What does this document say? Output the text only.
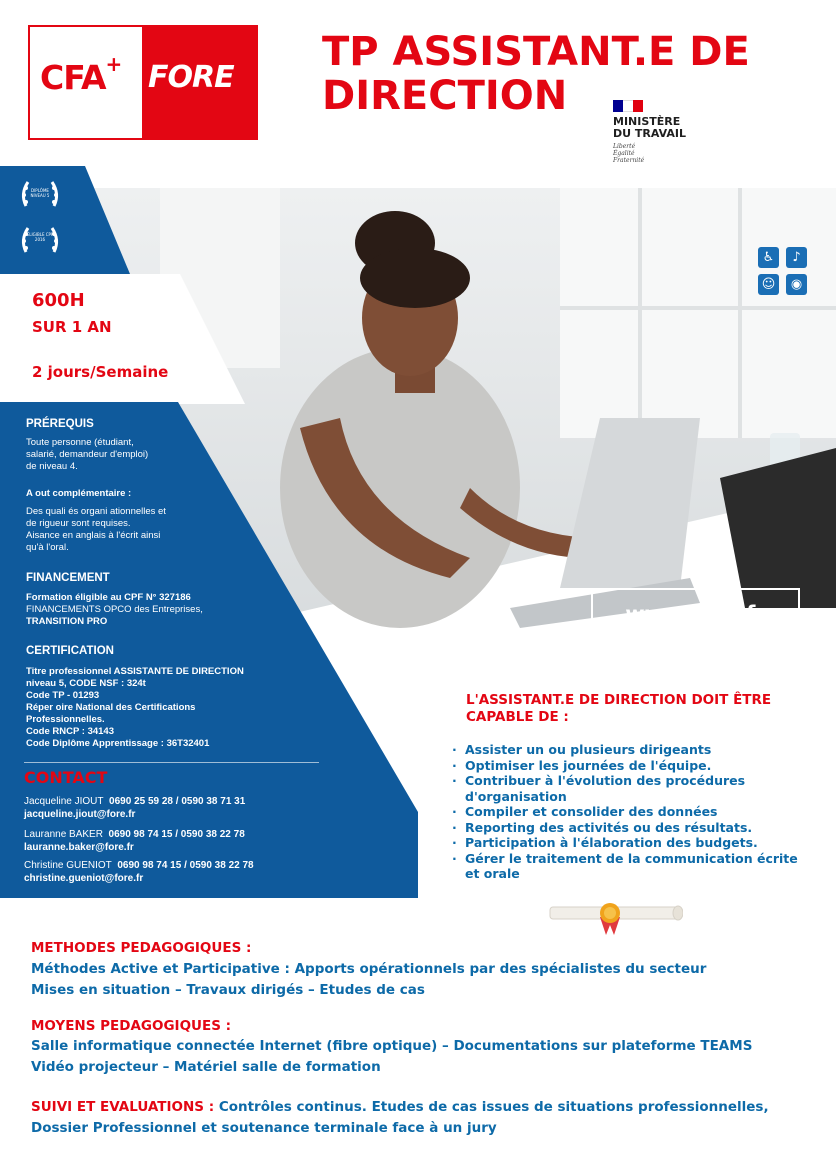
CFA+ FORE
TP ASSISTANT.E DE
DIRECTION
MINISTÈRE
DU TRAVAIL
Liberté
Égalité
Fraternité
DIPLÔME NIVEAU 5
ÉLIGIBLE CPF 2016
600H
SUR 1 AN
2 jours/Semaine
PRÉREQUIS
Toute personne (étudiant,
salarié, demandeur d'emploi)
de niveau 4.
A out complémentaire :
Des quali és organi ationnelles et
de rigueur sont requises.
Aisance en anglais à l'écrit ainsi
qu'à l'oral.
FINANCEMENT
Formation éligible au CPF N° 327186
FINANCEMENTS OPCO des Entreprises,
TRANSITION PRO
CERTIFICATION
Titre professionnel ASSISTANTE DE DIRECTION
niveau 5, CODE NSF : 324t
Code TP - 01293
Réper oire National des Certifications
Professionnelles.
Code RNCP : 34143
Code Diplôme Apprentissage : 36T32401
CONTACT
Jacqueline JIOUT 0690 25 59 28 / 0590 38 71 31
jacqueline.jiout@fore.fr
Lauranne BAKER 0690 98 74 15 / 0590 38 22 78
lauranne.baker@fore.fr
Christine GUENIOT 0690 98 74 15 / 0590 38 22 78
christine.gueniot@fore.fr
♿	♪
☺	◉
www.fore.fr
L'ASSISTANT.E DE DIRECTION DOIT ÊTRE
CAPABLE DE :
· Assister un ou plusieurs dirigeants
· Optimiser les journées de l'équipe.
· Contribuer à l'évolution des procédures d'organisation
· Compiler et consolider des données
· Reporting des activités ou des résultats.
· Participation à l'élaboration des budgets.
· Gérer le traitement de la communication écrite et orale
METHODES PEDAGOGIQUES :
Méthodes Active et Participative : Apports opérationnels par des spécialistes du secteur
Mises en situation – Travaux dirigés – Etudes de cas
MOYENS PEDAGOGIQUES :
Salle informatique connectée Internet (fibre optique) – Documentations sur plateforme TEAMS
Vidéo projecteur – Matériel salle de formation
SUIVI ET EVALUATIONS : Contrôles continus. Etudes de cas issues de situations professionnelles,
Dossier Professionnel et soutenance terminale face à un jury
